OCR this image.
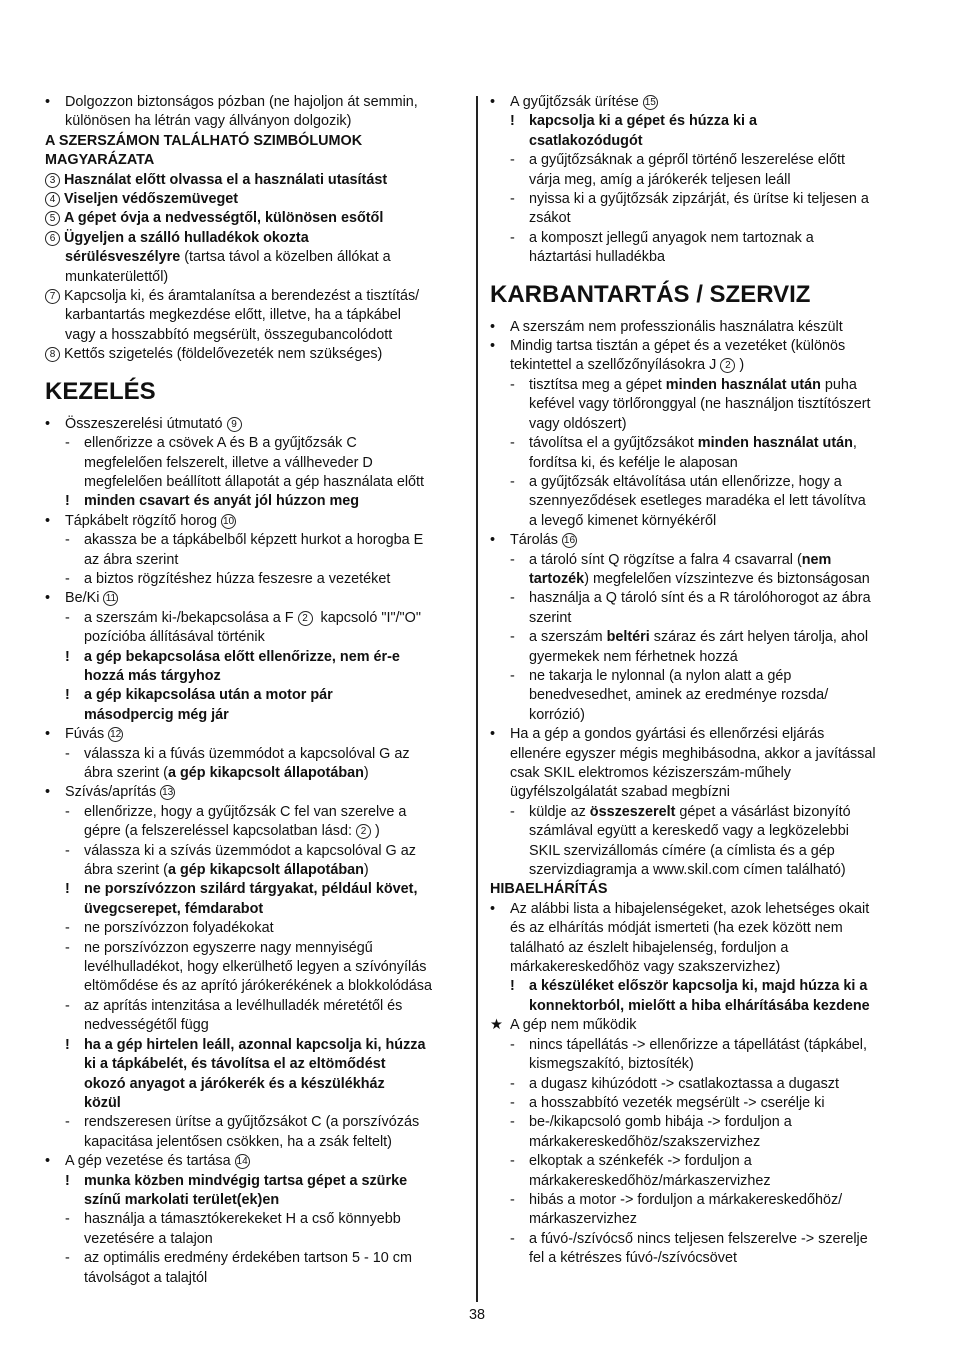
• Dolgozzon biztonságos pózban (ne hajoljon át semmin,
különösen ha létrán vagy állványon dolgozik)
A SZERSZÁMON TALÁLHATÓ SZIMBÓLUMOK
MAGYARÁZATA
3 Használat előtt olvassa el a használati utasítást
4 Viseljen védőszemüveget
5 A gépet óvja a nedvességtől, különösen esőtől
6 Ügyeljen a szálló hulladékok okozta
sérülésveszélyre (tartsa távol a közelben állókat a
munkaterülettől)
7 Kapcsolja ki, és áramtalanítsa a berendezést a tisztítás/
karbantartás megkezdése előtt, illetve, ha a tápkábel
vagy a hosszabbító megsérült, összegubancolódott
8 Kettős szigetelés (földelővezeték nem szükséges)
KEZELÉS
• Összeszerelési útmutató 9
- ellenőrizze a csövek A és B a gyűjtőzsák C
megfelelően felszerelt, illetve a vállheveder D
megfelelően beállított állapotát a gép használata előtt
! minden csavart és anyát jól húzzon meg
• Tápkábelt rögzítő horog 10
- akassza be a tápkábelből képzett hurkot a horogba E
az ábra szerint
- a biztos rögzítéshez húzza feszesre a vezetéket
• Be/Ki 11
- a szerszám ki-/bekapcsolása a F 2 kapcsoló "I"/"O"
pozícióba állításával történik
! a gép bekapcsolása előtt ellenőrizze, nem ér-e
hozzá más tárgyhoz
! a gép kikapcsolása után a motor pár
másodpercig még jár
• Fúvás 12
- válassza ki a fúvás üzemmódot a kapcsolóval G az
ábra szerint (a gép kikapcsolt állapotában)
• Szívás/aprítás 13
- ellenőrizze, hogy a gyűjtőzsák C fel van szerelve a
gépre (a felszereléssel kapcsolatban lásd: 2 )
- válassza ki a szívás üzemmódot a kapcsolóval G az
ábra szerint (a gép kikapcsolt állapotában)
! ne porszívózzon szilárd tárgyakat, például követ,
üvegcserepet, fémdarabot
- ne porszívózzon folyadékokat
- ne porszívózzon egyszerre nagy mennyiségű
levélhulladékot, hogy elkerülhető legyen a szívónyílás
eltömődése és az aprító járókerékének a blokkolódása
- az aprítás intenzitása a levélhulladék méretétől és
nedvességétől függ
! ha a gép hirtelen leáll, azonnal kapcsolja ki, húzza
ki a tápkábelét, és távolítsa el az eltömődést
okozó anyagot a járókerék és a készülékház
közül
- rendszeresen ürítse a gyűjtőzsákot C (a porszívózás
kapacitása jelentősen csökken, ha a zsák feltelt)
• A gép vezetése és tartása 14
! munka közben mindvégig tartsa gépet a szürke
színű markolati terület(ek)en
- használja a támasztókerekeket H a cső könnyebb
vezetésére a talajon
- az optimális eredmény érdekében tartson 5 - 10 cm
távolságot a talajtól
• A gyűjtőzsák ürítése 15
! kapcsolja ki a gépet és húzza ki a
csatlakozódugót
- a gyűjtőzsáknak a gépről történő leszerelése előtt
várja meg, amíg a járókerék teljesen leáll
- nyissa ki a gyűjtőzsák zipzárját, és ürítse ki teljesen a
zsákot
- a komposzt jellegű anyagok nem tartoznak a
háztartási hulladékba
KARBANTARTÁS / SZERVIZ
• A szerszám nem professzionális használatra készült
• Mindig tartsa tisztán a gépet és a vezetéket (különös
tekintettel a szellőzőnyílásokra J 2 )
- tisztítsa meg a gépet minden használat után puha
kefével vagy törlőronggyal (ne használjon tisztítószert
vagy oldószert)
- távolítsa el a gyűjtőzsákot minden használat után,
fordítsa ki, és kefélje le alaposan
- a gyűjtőzsák eltávolítása után ellenőrizze, hogy a
szennyeződések esetleges maradéka el lett távolítva
a levegő kimenet környékéről
• Tárolás 16
- a tároló sínt Q rögzítse a falra 4 csavarral (nem
tartozék) megfelelően vízszintezve és biztonságosan
- használja a Q tároló sínt és a R tárolóhorogot az ábra
szerint
- a szerszám beltéri száraz és zárt helyen tárolja, ahol
gyermekek nem férhetnek hozzá
- ne takarja le nylonnal (a nylon alatt a gép
benedvesedhet, aminek az eredménye rozsda/
korrózió)
• Ha a gép a gondos gyártási és ellenőrzési eljárás
ellenére egyszer mégis meghibásodna, akkor a javítással
csak SKIL elektromos kéziszerszám-műhely
ügyfélszolgálatát szabad megbízni
- küldje az összeszerelt gépet a vásárlást bizonyító
számlával együtt a kereskedő vagy a legközelebbi
SKIL szervizállomás címére (a címlista és a gép
szervizdiagramja a www.skil.com címen található)
HIBAELHÁRÍTÁS
• Az alábbi lista a hibajelenségeket, azok lehetséges okait
és az elhárítás módját ismerteti (ha ezek között nem
található az észlelt hibajelenség, forduljon a
márkakereskedőhöz vagy szakszervizhez)
! a készüléket először kapcsolja ki, majd húzza ki a
konnektorból, mielőtt a hiba elhárításába kezdene
★ A gép nem működik
- nincs tápellátás -> ellenőrizze a tápellátást (tápkábel,
kismegszakító, biztosíték)
- a dugasz kihúzódott -> csatlakoztassa a dugaszt
- a hosszabbító vezeték megsérült -> cserélje ki
- be-/kikapcsoló gomb hibája -> forduljon a
márkakereskedőhöz/szakszervizhez
- elkoptak a szénkefék -> forduljon a
márkakereskedőhöz/márkaszervizhez
- hibás a motor -> forduljon a márkakereskedőhöz/
márkaszervizhez
- a fúvó-/szívócső nincs teljesen felszerelve -> szerelje
fel a kétrészes fúvó-/szívócsövet
38
